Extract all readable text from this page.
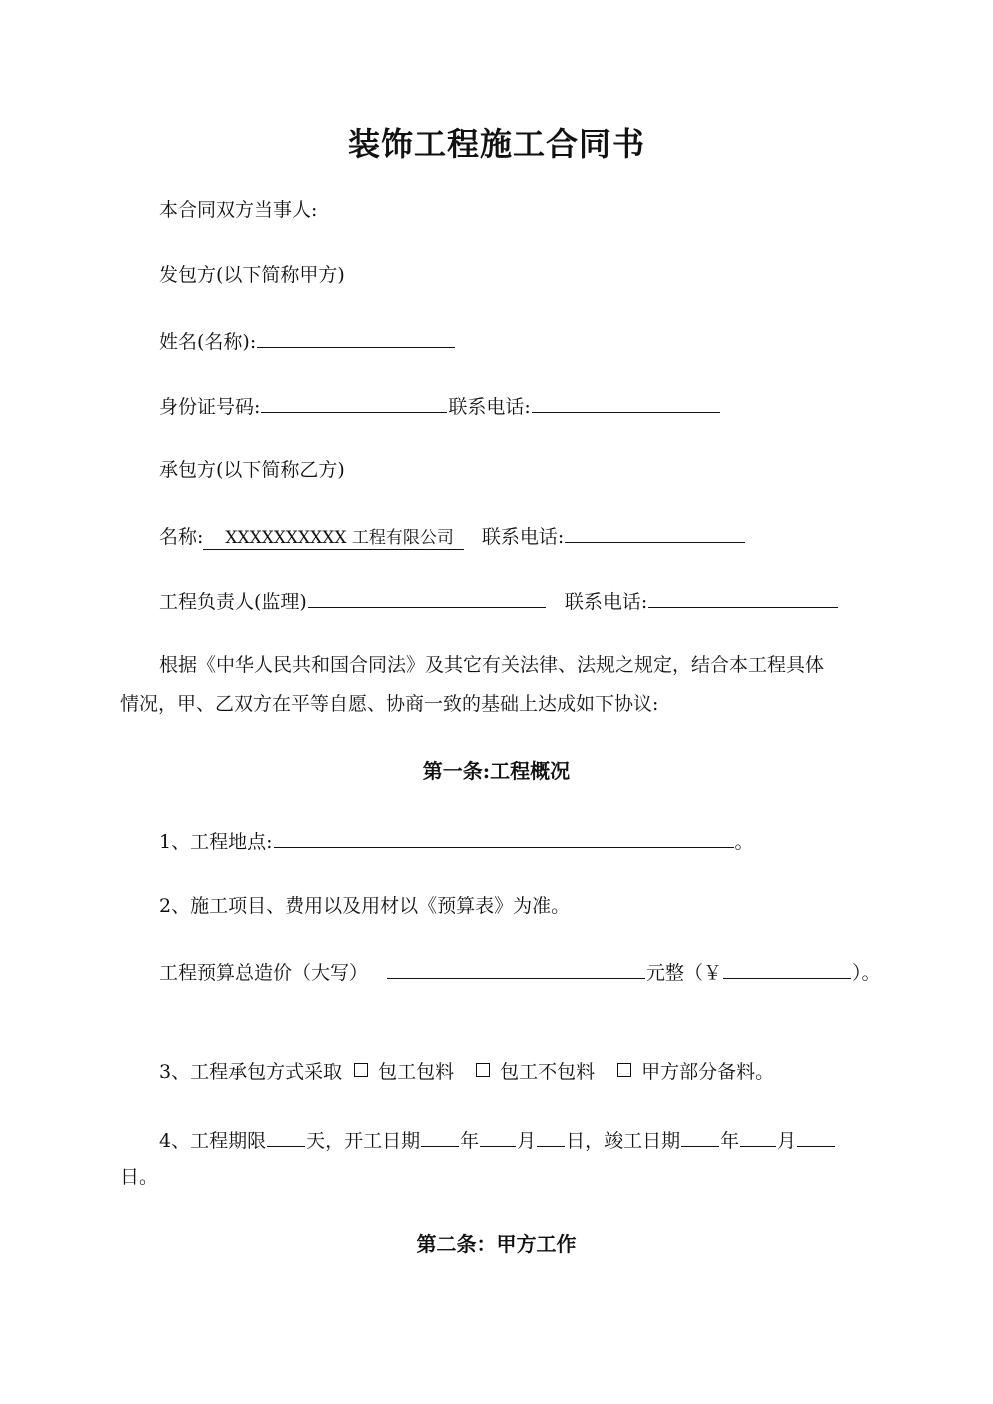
装饰工程施工合同书
本合同双方当事人:
发包方(以下简称甲方)
姓名(名称):
身份证号码:	联系电话:
承包方(以下简称乙方)
名称: XXXXXXXXXX 工程有限公司 联系电话:
工程负责人(监理)	联系电话:
根据《中华人民共和国合同法》及其它有关法律、法规之规定，结合本工程具体
情况，甲、乙双方在平等自愿、协商一致的基础上达成如下协议:
第一条:工程概况
1、工程地点:	。
2、施工项目、费用以及用材以《预算表》为准。
工程预算总造价（大写）	元整（￥	）。
3、工程承包方式采取 包工包料 包工不包料 甲方部分备料。
4、工程期限 天，开工日期 年 月 日，竣工日期 年 月
日。
第二条：甲方工作
